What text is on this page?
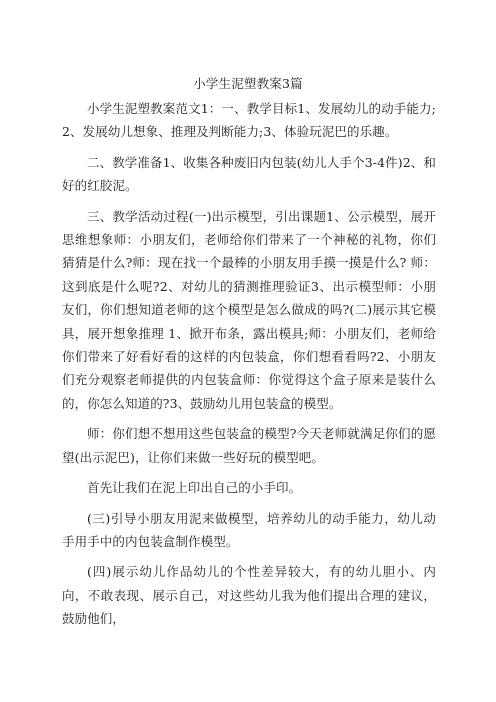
小学生泥塑教案3篇

小学生泥塑教案范文1：一、教学目标1、发展幼儿的动手能力;2、发展幼儿想象、推理及判断能力;3、体验玩泥巴的乐趣。

二、教学准备1、收集各种废旧内包装(幼儿人手个3-4件)2、和好的红胶泥。

三、教学活动过程(一)出示模型，引出课题1、公示模型，展开思维想象师：小朋友们，老师给你们带来了一个神秘的礼物，你们猜猜是什么?师：现在找一个最棒的小朋友用手摸一摸是什么? 师：这到底是什么呢?2、对幼儿的猜测推理验证3、出示模型师：小朋友们，你们想知道老师的这个模型是怎么做成的吗?(二)展示其它模具，展开想象推理 1、掀开布条，露出模具;师：小朋友们，老师给你们带来了好看好看的这样的内包装盒，你们想看看吗?2、小朋友们充分观察老师提供的内包装盒师：你觉得这个盒子原来是装什么的，你怎么知道的?3、鼓励幼儿用包装盒的模型。

师：你们想不想用这些包装盒的模型?今天老师就满足你们的愿望(出示泥巴)，让你们来做一些好玩的模型吧。

首先让我们在泥上印出自己的小手印。

(三)引导小朋友用泥来做模型，培养幼儿的动手能力，幼儿动手用手中的内包装盒制作模型。

(四)展示幼儿作品幼儿的个性差异较大，有的幼儿胆小、内向，不敢表现、展示自己，对这些幼儿我为他们提出合理的建议，鼓励他们，
